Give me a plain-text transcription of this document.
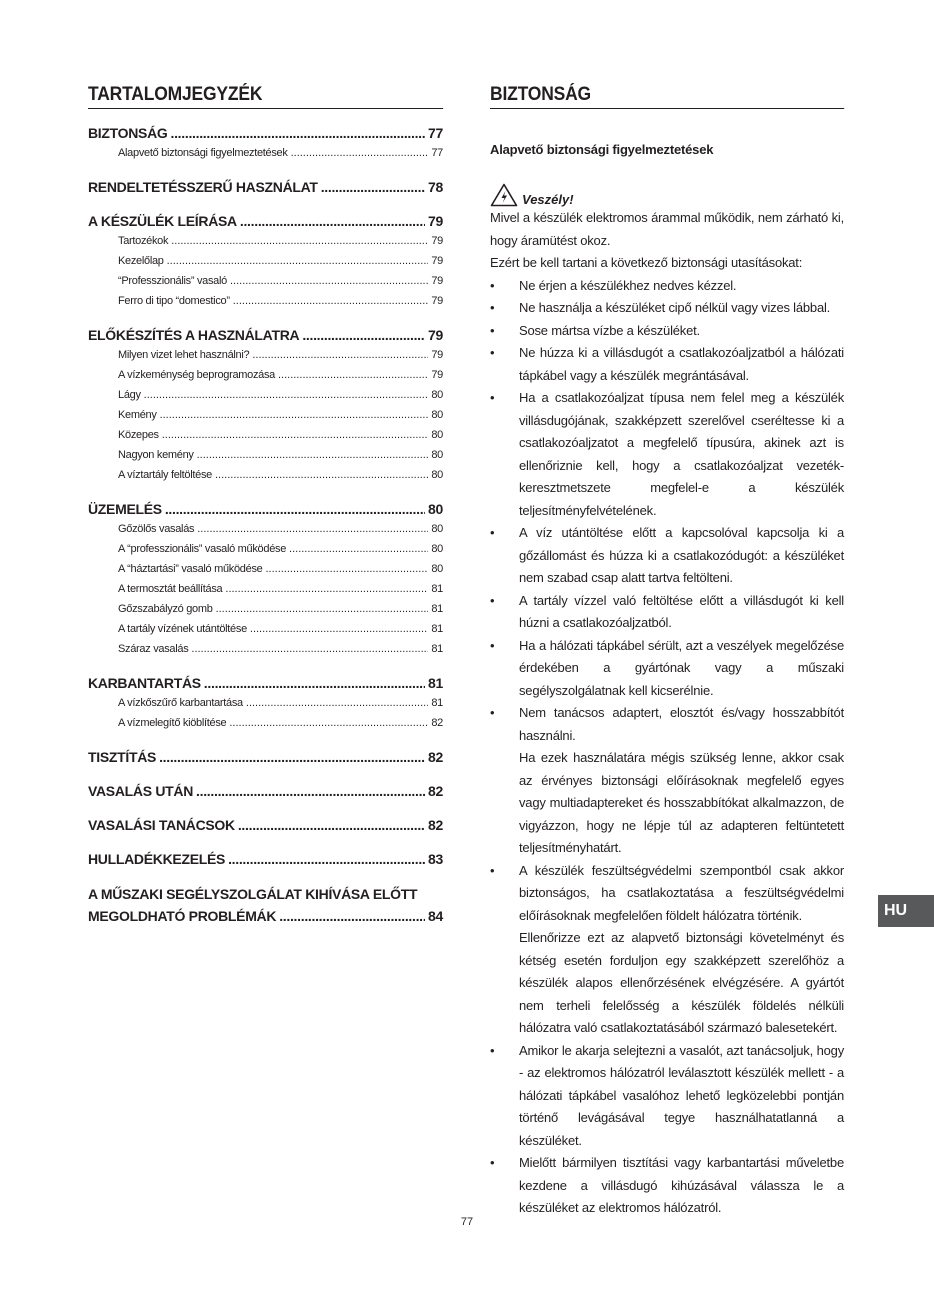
TARTALOMJEGYZÉK
BIZTONSÁG .....	77
Alapvető biztonsági figyelmeztetések .....	77
RENDELTETÉSSZERŰ HASZNÁLAT .....	78
A KÉSZÜLÉK LEÍRÁSA .....	79
Tartozékok .....	79
Kezelőlap .....	79
“Professzionális” vasaló .....	79
Ferro di tipo “domestico” .....	79
ELŐKÉSZÍTÉS A HASZNÁLATRA .....	79
Milyen vizet lehet használni? .....	79
A vízkeménység beprogramozása .....	79
Lágy .....	80
Kemény .....	80
Közepes .....	80
Nagyon kemény .....	80
A víztartály feltöltése .....	80
ÜZEMELÉS .....	80
Gőzölős vasalás .....	80
A “professzionális” vasaló működése .....	80
A “háztartási” vasaló működése .....	80
A termosztát beállítása .....	81
Gőzszabályzó gomb .....	81
A tartály vízének utántöltése .....	81
Száraz vasalás .....	81
KARBANTARTÁS .....	81
A vízkőszűrő karbantartása .....	81
A vízmelegítő kiöblítése .....	82
TISZTÍTÁS .....	82
VASALÁS UTÁN .....	82
VASALÁSI TANÁCSOK .....	82
HULLADÉKKEZELÉS .....	83
A MŰSZAKI SEGÉLYSZOLGÁLAT KIHÍVÁSA ELŐTT
MEGOLDHATÓ PROBLÉMÁK .....	84
BIZTONSÁG
Alapvető biztonsági figyelmeztetések
Veszély!
Mivel a készülék elektromos árammal működik, nem zárható ki, hogy áramütést okoz.
Ezért be kell tartani a következő biztonsági utasításokat:
• Ne érjen a készülékhez nedves kézzel.
• Ne használja a készüléket cipő nélkül vagy vizes lábbal.
• Sose mártsa vízbe a készüléket.
• Ne húzza ki a villásdugót a csatlakozóaljzatból a hálózati tápkábel vagy a készülék megrántásával.
• Ha a csatlakozóaljzat típusa nem felel meg a készülék villásdugójának, szakképzett szerelővel cseréltesse ki a csatlakozóaljzatot a megfelelő típusúra, akinek azt is ellenőriznie kell, hogy a csatlakozóaljzat vezeték-keresztmetszete megfelel-e a készülék teljesítményfelvételének.
• A víz utántöltése előtt a kapcsolóval kapcsolja ki a gőzállomást és húzza ki a csatlakozódugót: a készüléket nem szabad csap alatt tartva feltölteni.
• A tartály vízzel való feltöltése előtt a villásdugót ki kell húzni a csatlakozóaljzatból.
• Ha a hálózati tápkábel sérült, azt a veszélyek megelőzése érdekében a gyártónak vagy a műszaki segélyszolgálatnak kell kicserélnie.
• Nem tanácsos adaptert, elosztót és/vagy hosszabbítót használni.
Ha ezek használatára mégis szükség lenne, akkor csak az érvényes biztonsági előírásoknak megfelelő egyes vagy multiadaptereket és hosszabbítókat alkalmazzon, de vigyázzon, hogy ne lépje túl az adapteren feltüntetett teljesítményhatárt.
• A készülék feszültségvédelmi szempontból csak akkor biztonságos, ha csatlakoztatása a feszültségvédelmi előírásoknak megfelelően földelt hálózatra történik.
Ellenőrizze ezt az alapvető biztonsági követelményt és kétség esetén forduljon egy szakképzett szerelőhöz a készülék alapos ellenőrzésének elvégzésére. A gyártót nem terheli felelősség a készülék földelés nélküli hálózatra való csatlakoztatásából származó balesetekért.
• Amikor le akarja selejtezni a vasalót, azt tanácsoljuk, hogy - az elektromos hálózatról leválasztott készülék mellett - a hálózati tápkábel vasalóhoz lehető legközelebbi pontján történő levágásával tegye használhatatlanná a készüléket.
• Mielőtt bármilyen tisztítási vagy karbantartási műveletbe kezdene a villásdugó kihúzásával válassza le a készüléket az elektromos hálózatról.
HU
77
